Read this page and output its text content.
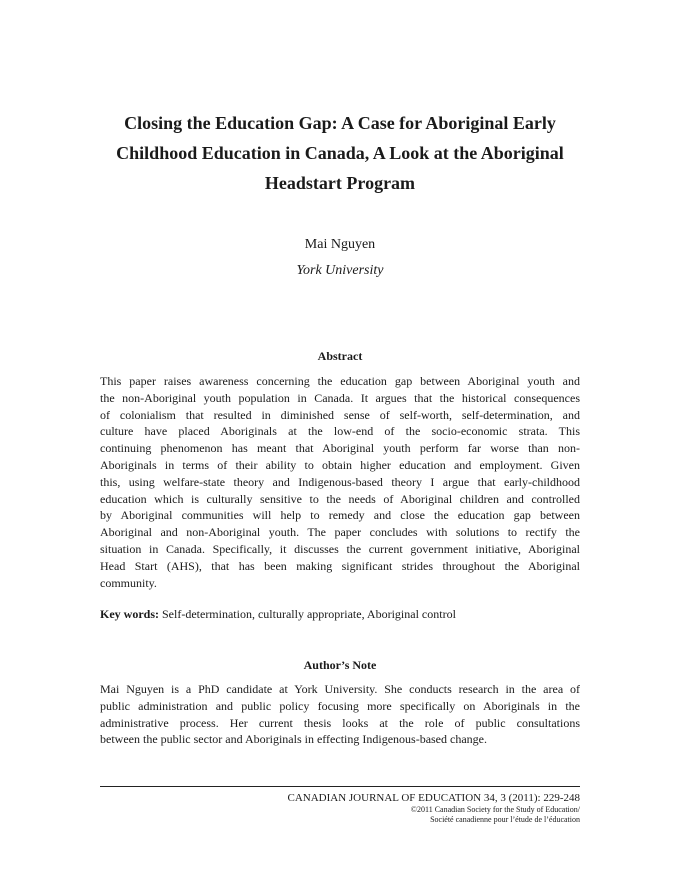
Closing the Education Gap: A Case for Aboriginal Early
Childhood Education in Canada, A Look at the Aboriginal
Headstart Program
Mai Nguyen
York University
Abstract
This paper raises awareness concerning the education gap between Aboriginal youth and
the non-Aboriginal youth population in Canada. It argues that the historical consequences
of colonialism that resulted in diminished sense of self-worth, self-determination, and
culture have placed Aboriginals at the low-end of the socio-economic strata. This
continuing phenomenon has meant that Aboriginal youth perform far worse than non-
Aboriginals in terms of their ability to obtain higher education and employment. Given
this, using welfare-state theory and Indigenous-based theory I argue that early-childhood
education which is culturally sensitive to the needs of Aboriginal children and controlled
by Aboriginal communities will help to remedy and close the education gap between
Aboriginal and non-Aboriginal youth. The paper concludes with solutions to rectify the
situation in Canada. Specifically, it discusses the current government initiative, Aboriginal
Head Start (AHS), that has been making significant strides throughout the Aboriginal
community.
Key words: Self-determination, culturally appropriate, Aboriginal control
Author’s Note
Mai Nguyen is a PhD candidate at York University. She conducts research in the area of
public administration and public policy focusing more specifically on Aboriginals in the
administrative process. Her current thesis looks at the role of public consultations
between the public sector and Aboriginals in effecting Indigenous-based change.
CANADIAN JOURNAL OF EDUCATION 34, 3 (2011): 229-248
©2011 Canadian Society for the Study of Education/
Société canadienne pour l’étude de l’éducation
